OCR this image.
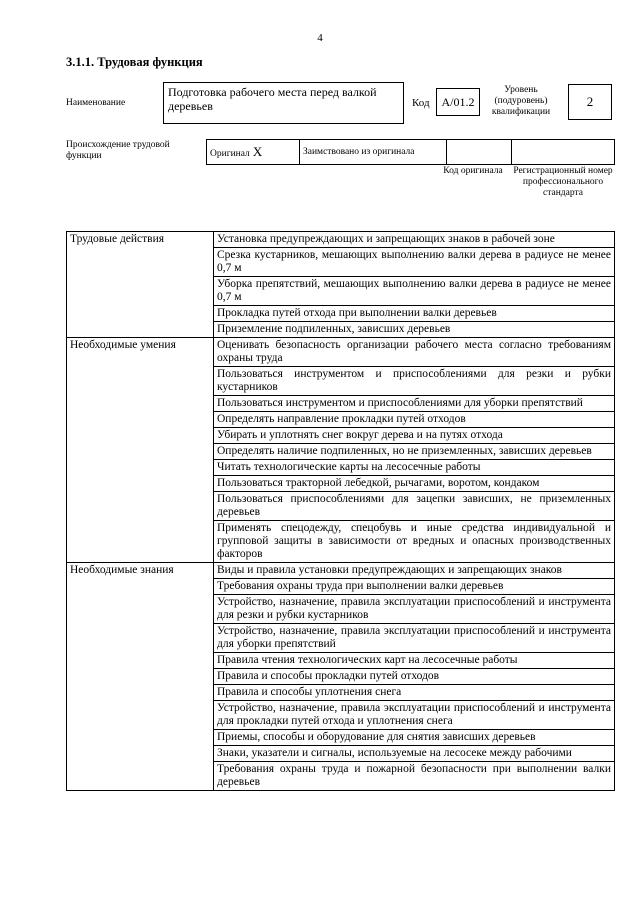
4
3.1.1. Трудовая функция
Наименование
Подготовка рабочего места перед валкой деревьев	Код A/01.2
Уровень (подуровень) квалификации
2
Происхождение трудовой функции	Оригинал X	Заимствовано из оригинала		
Код оригинала	Регистрационный номер профессионального стандарта
Трудовые действия	Установка предупреждающих и запрещающих знаков в рабочей зоне
	Срезка кустарников, мешающих выполнению валки дерева в радиусе не менее 0,7 м
	Уборка препятствий, мешающих выполнению валки дерева в радиусе не менее 0,7 м
	Прокладка путей отхода при выполнении валки деревьев
	Приземление подпиленных, зависших деревьев
Необходимые умения	Оценивать безопасность организации рабочего места согласно требованиям охраны труда
	Пользоваться инструментом и приспособлениями для резки и рубки кустарников
	Пользоваться инструментом и приспособлениями для уборки препятствий
	Определять направление прокладки путей отходов
	Убирать и уплотнять снег вокруг дерева и на путях отхода
	Определять наличие подпиленных, но не приземленных, зависших деревьев
	Читать технологические карты на лесосечные работы
	Пользоваться тракторной лебедкой, рычагами, воротом, кондаком
	Пользоваться приспособлениями для зацепки зависших, не приземленных деревьев
	Применять спецодежду, спецобувь и иные средства индивидуальной и групповой защиты в зависимости от вредных и опасных производственных факторов
Необходимые знания	Виды и правила установки предупреждающих и запрещающих знаков
	Требования охраны труда при выполнении валки деревьев
	Устройство, назначение, правила эксплуатации приспособлений и инструмента для резки и рубки кустарников
	Устройство, назначение, правила эксплуатации приспособлений и инструмента для уборки препятствий
	Правила чтения технологических карт на лесосечные работы
	Правила и способы прокладки путей отходов
	Правила и способы уплотнения снега
	Устройство, назначение, правила эксплуатации приспособлений и инструмента для прокладки путей отхода и уплотнения снега
	Приемы, способы и оборудование для снятия зависших деревьев
	Знаки, указатели и сигналы, используемые на лесосеке между рабочими
	Требования охраны труда и пожарной безопасности при выполнении валки деревьев
